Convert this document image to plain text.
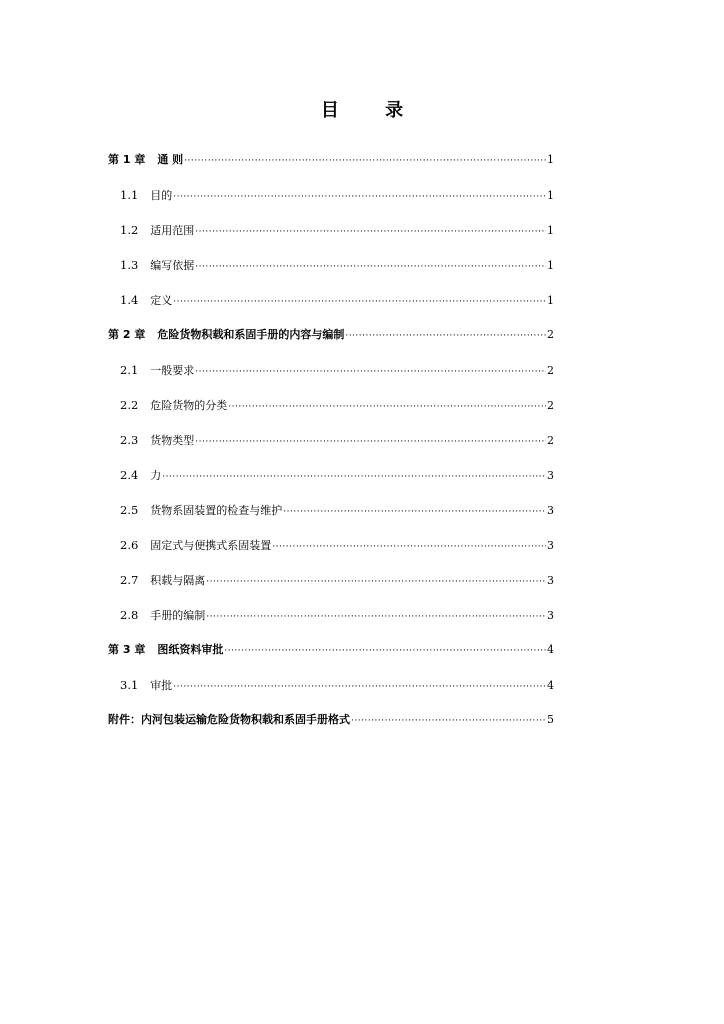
目 录
第 1 章 通 则 ·····	1
1.1 目的 ·····	1
1.2 适用范围 ·····	1
1.3 编写依据 ·····	1
1.4 定义 ·····	1
第 2 章 危险货物积载和系固手册的内容与编制 ·····	2
2.1 一般要求 ·····	2
2.2 危险货物的分类 ·····	2
2.3 货物类型 ·····	2
2.4 力 ·····	3
2.5 货物系固装置的检查与维护 ·····	3
2.6 固定式与便携式系固装置 ·····	3
2.7 积载与隔离 ·····	3
2.8 手册的编制 ·····	3
第 3 章 图纸资料审批 ·····	4
3.1 审批 ·····	4
附件：内河包装运输危险货物积载和系固手册格式 ·····	5
